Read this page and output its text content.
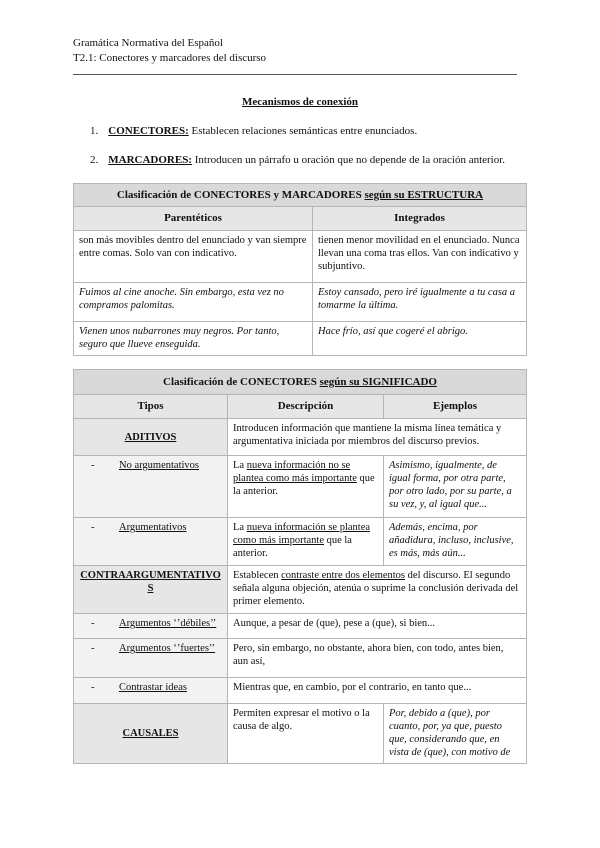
Gramática Normativa del Español
T2.1: Conectores y marcadores del discurso
Mecanismos de conexión
1. CONECTORES: Establecen relaciones semánticas entre enunciados.
2. MARCADORES: Introducen un párrafo u oración que no depende de la oración anterior.
Clasificación de CONECTORES y MARCADORES según su ESTRUCTURA	
Parentéticos	Integrados
son más movibles dentro del enunciado y van siempre entre comas. Solo van con indicativo.	tienen menor movilidad en el enunciado. Nunca llevan una coma tras ellos. Van con indicativo y subjuntivo.
Fuimos al cine anoche. Sin embargo, esta vez no compramos palomitas.	Estoy cansado, pero iré igualmente a tu casa a tomarme la última.
Vienen unos nubarrones muy negros. Por tanto, seguro que llueve enseguida.	Hace frío, así que cogeré el abrigo.
Clasificación de CONECTORES según su SIGNIFICADO		
Tipos	Descripción	Ejemplos
ADITIVOS	Introducen información que mantiene la misma línea temática y argumentativa iniciada por miembros del discurso previos.	
- No argumentativos	La nueva información no se plantea como más importante que la anterior.	Asimismo, igualmente, de igual forma, por otra parte, por otro lado, por su parte, a su vez, y, al igual que...
- Argumentativos	La nueva información se plantea como más importante que la anterior.	Además, encima, por añadidura, incluso, inclusive, es más, más aún...
CONTRAARGUMENTATIVOS	Establecen contraste entre dos elementos del discurso. El segundo señala alguna objeción, atenúa o suprime la conclusión derivada del primer elemento.	
- Argumentos ‘’débiles’’	Aunque, a pesar de (que), pese a (que), si bien...	
- Argumentos ‘’fuertes’’	Pero, sin embargo, no obstante, ahora bien, con todo, antes bien, aun así,	
- Contrastar ideas	Mientras que, en cambio, por el contrario, en tanto que...	
CAUSALES	Permiten expresar el motivo o la causa de algo.	Por, debido a (que), por cuanto, por, ya que, puesto que, considerando que, en vista de (que), con motivo de
